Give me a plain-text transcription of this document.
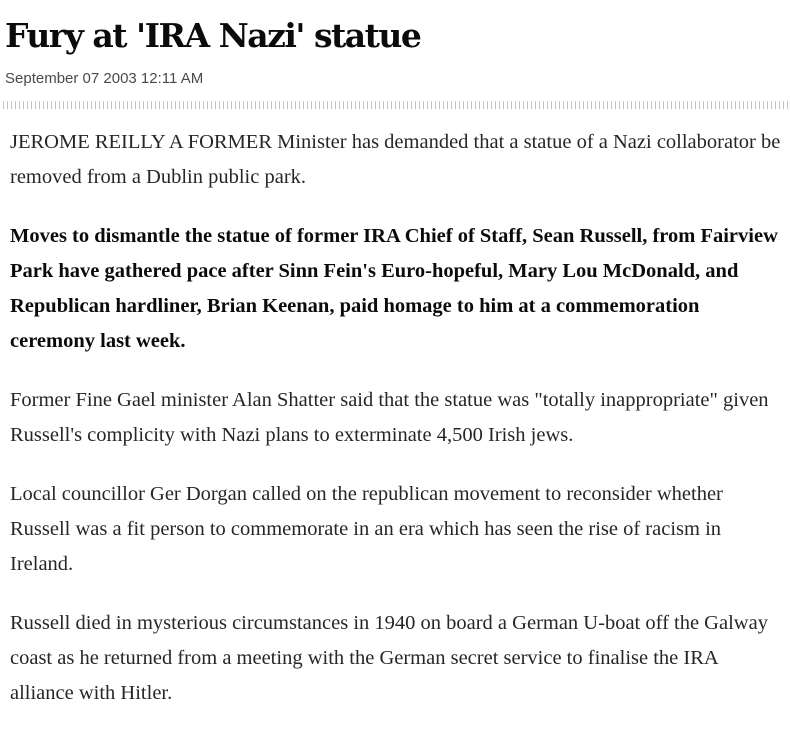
Fury at 'IRA Nazi' statue
September 07 2003 12:11 AM

JEROME REILLY A FORMER Minister has demanded that a statue of a Nazi collaborator be removed from a Dublin public park.

Moves to dismantle the statue of former IRA Chief of Staff, Sean Russell, from Fairview Park have gathered pace after Sinn Fein's Euro-hopeful, Mary Lou McDonald, and Republican hardliner, Brian Keenan, paid homage to him at a commemoration ceremony last week.

Former Fine Gael minister Alan Shatter said that the statue was "totally inappropriate" given Russell's complicity with Nazi plans to exterminate 4,500 Irish jews.

Local councillor Ger Dorgan called on the republican movement to reconsider whether Russell was a fit person to commemorate in an era which has seen the rise of racism in Ireland.

Russell died in mysterious circumstances in 1940 on board a German U-boat off the Galway coast as he returned from a meeting with the German secret service to finalise the IRA alliance with Hitler.
